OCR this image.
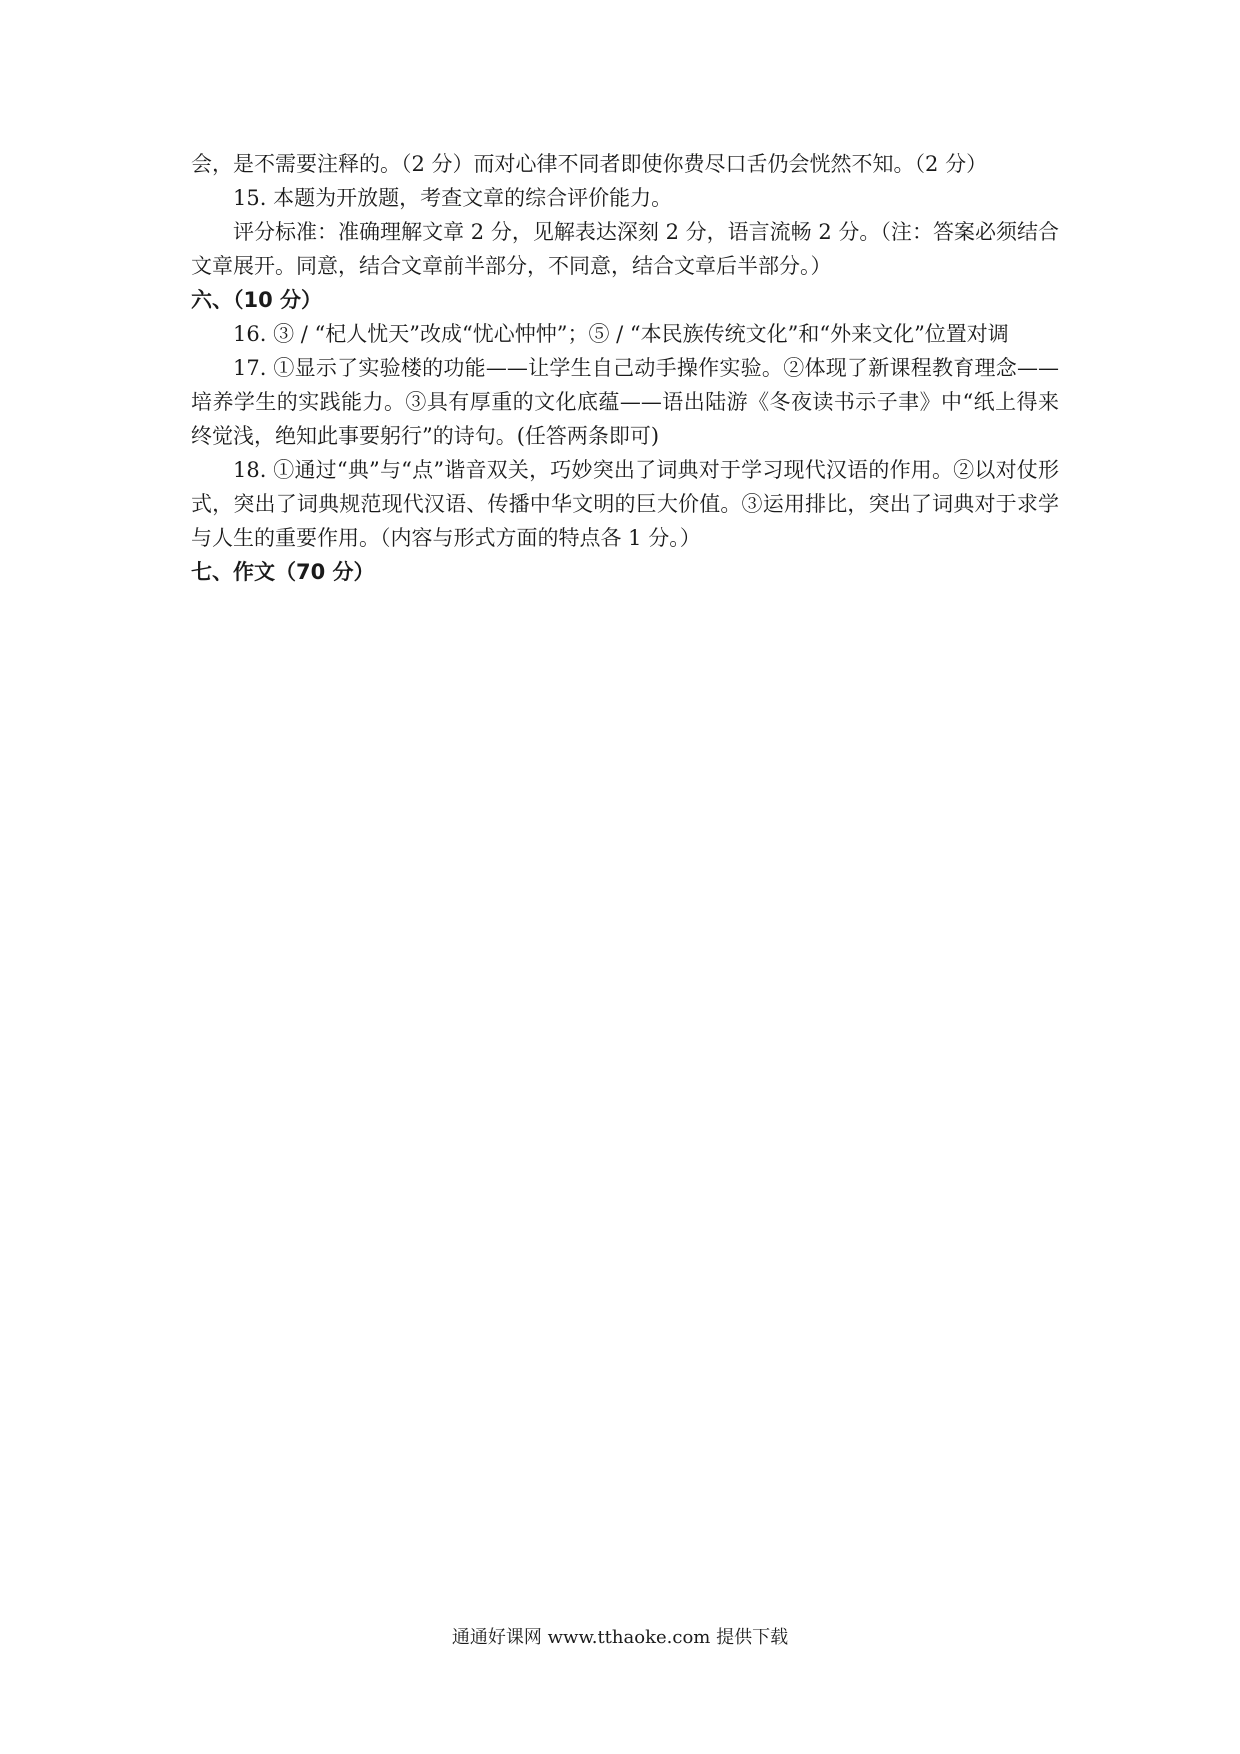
会，是不需要注释的。（2 分）而对心律不同者即使你费尽口舌仍会恍然不知。（2 分）

15. 本题为开放题，考查文章的综合评价能力。

评分标准：准确理解文章 2 分，见解表达深刻 2 分，语言流畅 2 分。（注：答案必须结合文章展开。同意，结合文章前半部分，不同意，结合文章后半部分。）

六、（10 分）

16. ③ / “杞人忧天”改成“忧心忡忡”；⑤ / “本民族传统文化”和“外来文化”位置对调

17. ①显示了实验楼的功能——让学生自己动手操作实验。②体现了新课程教育理念——培养学生的实践能力。③具有厚重的文化底蕴——语出陆游《冬夜读书示子聿》中“纸上得来终觉浅，绝知此事要躬行”的诗句。(任答两条即可)

18. ①通过“典”与“点”谐音双关，巧妙突出了词典对于学习现代汉语的作用。②以对仗形式，突出了词典规范现代汉语、传播中华文明的巨大价值。③运用排比，突出了词典对于求学与人生的重要作用。（内容与形式方面的特点各 1 分。）

七、作文（70 分）

通通好课网 www.tthaoke.com 提供下载
